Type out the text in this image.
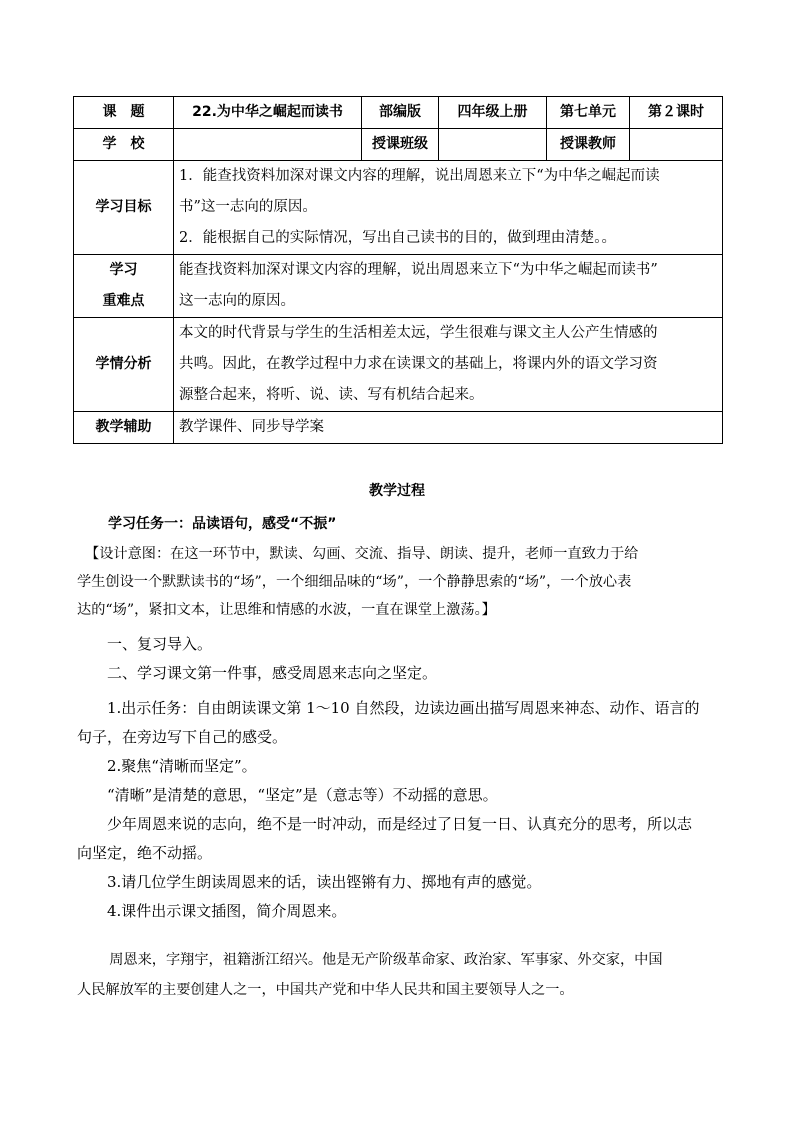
课　题	22.为中华之崛起而读书	部编版	四年级上册	第七单元	第２课时
学　校		授课班级		授课教师	
学习目标	1．能查找资料加深对课文内容的理解，说出周恩来立下“为中华之崛起而读
书”这一志向的原因。
2．能根据自己的实际情况，写出自己读书的目的，做到理由清楚。。				

学习
重难点	能查找资料加深对课文内容的理解，说出周恩来立下“为中华之崛起而读书”
这一志向的原因。				

学情分析	本文的时代背景与学生的生活相差太远，学生很难与课文主人公产生情感的
共鸣。因此，在教学过程中力求在读课文的基础上，将课内外的语文学习资
源整合起来，将听、说、读、写有机结合起来。				

教学辅助	教学课件、同步导学案				
教学过程
学习任务一：品读语句，感受“不振”
【设计意图：在这一环节中，默读、勾画、交流、指导、朗读、提升，老师一直致力于给
学生创设一个默默读书的“场”，一个细细品味的“场”，一个静静思索的“场”，一个放心表
达的“场”，紧扣文本，让思维和情感的水波，一直在课堂上激荡。】
　　一、复习导入。
　　二、学习课文第一件事，感受周恩来志向之坚定。
　　1.出示任务：自由朗读课文第 1～10 自然段，边读边画出描写周恩来神态、动作、语言的
句子，在旁边写下自己的感受。
　　2.聚焦“清晰而坚定”。
　　“清晰”是清楚的意思，“坚定”是（意志等）不动摇的意思。
　　少年周恩来说的志向，绝不是一时冲动，而是经过了日复一日、认真充分的思考，所以志
向坚定，绝不动摇。
　　3.请几位学生朗读周恩来的话，读出铿锵有力、掷地有声的感觉。
　　4.课件出示课文插图，简介周恩来。
　周恩来，字翔宇，祖籍浙江绍兴。他是无产阶级革命家、政治家、军事家、外交家，中国
人民解放军的主要创建人之一，中国共产党和中华人民共和国主要领导人之一。
